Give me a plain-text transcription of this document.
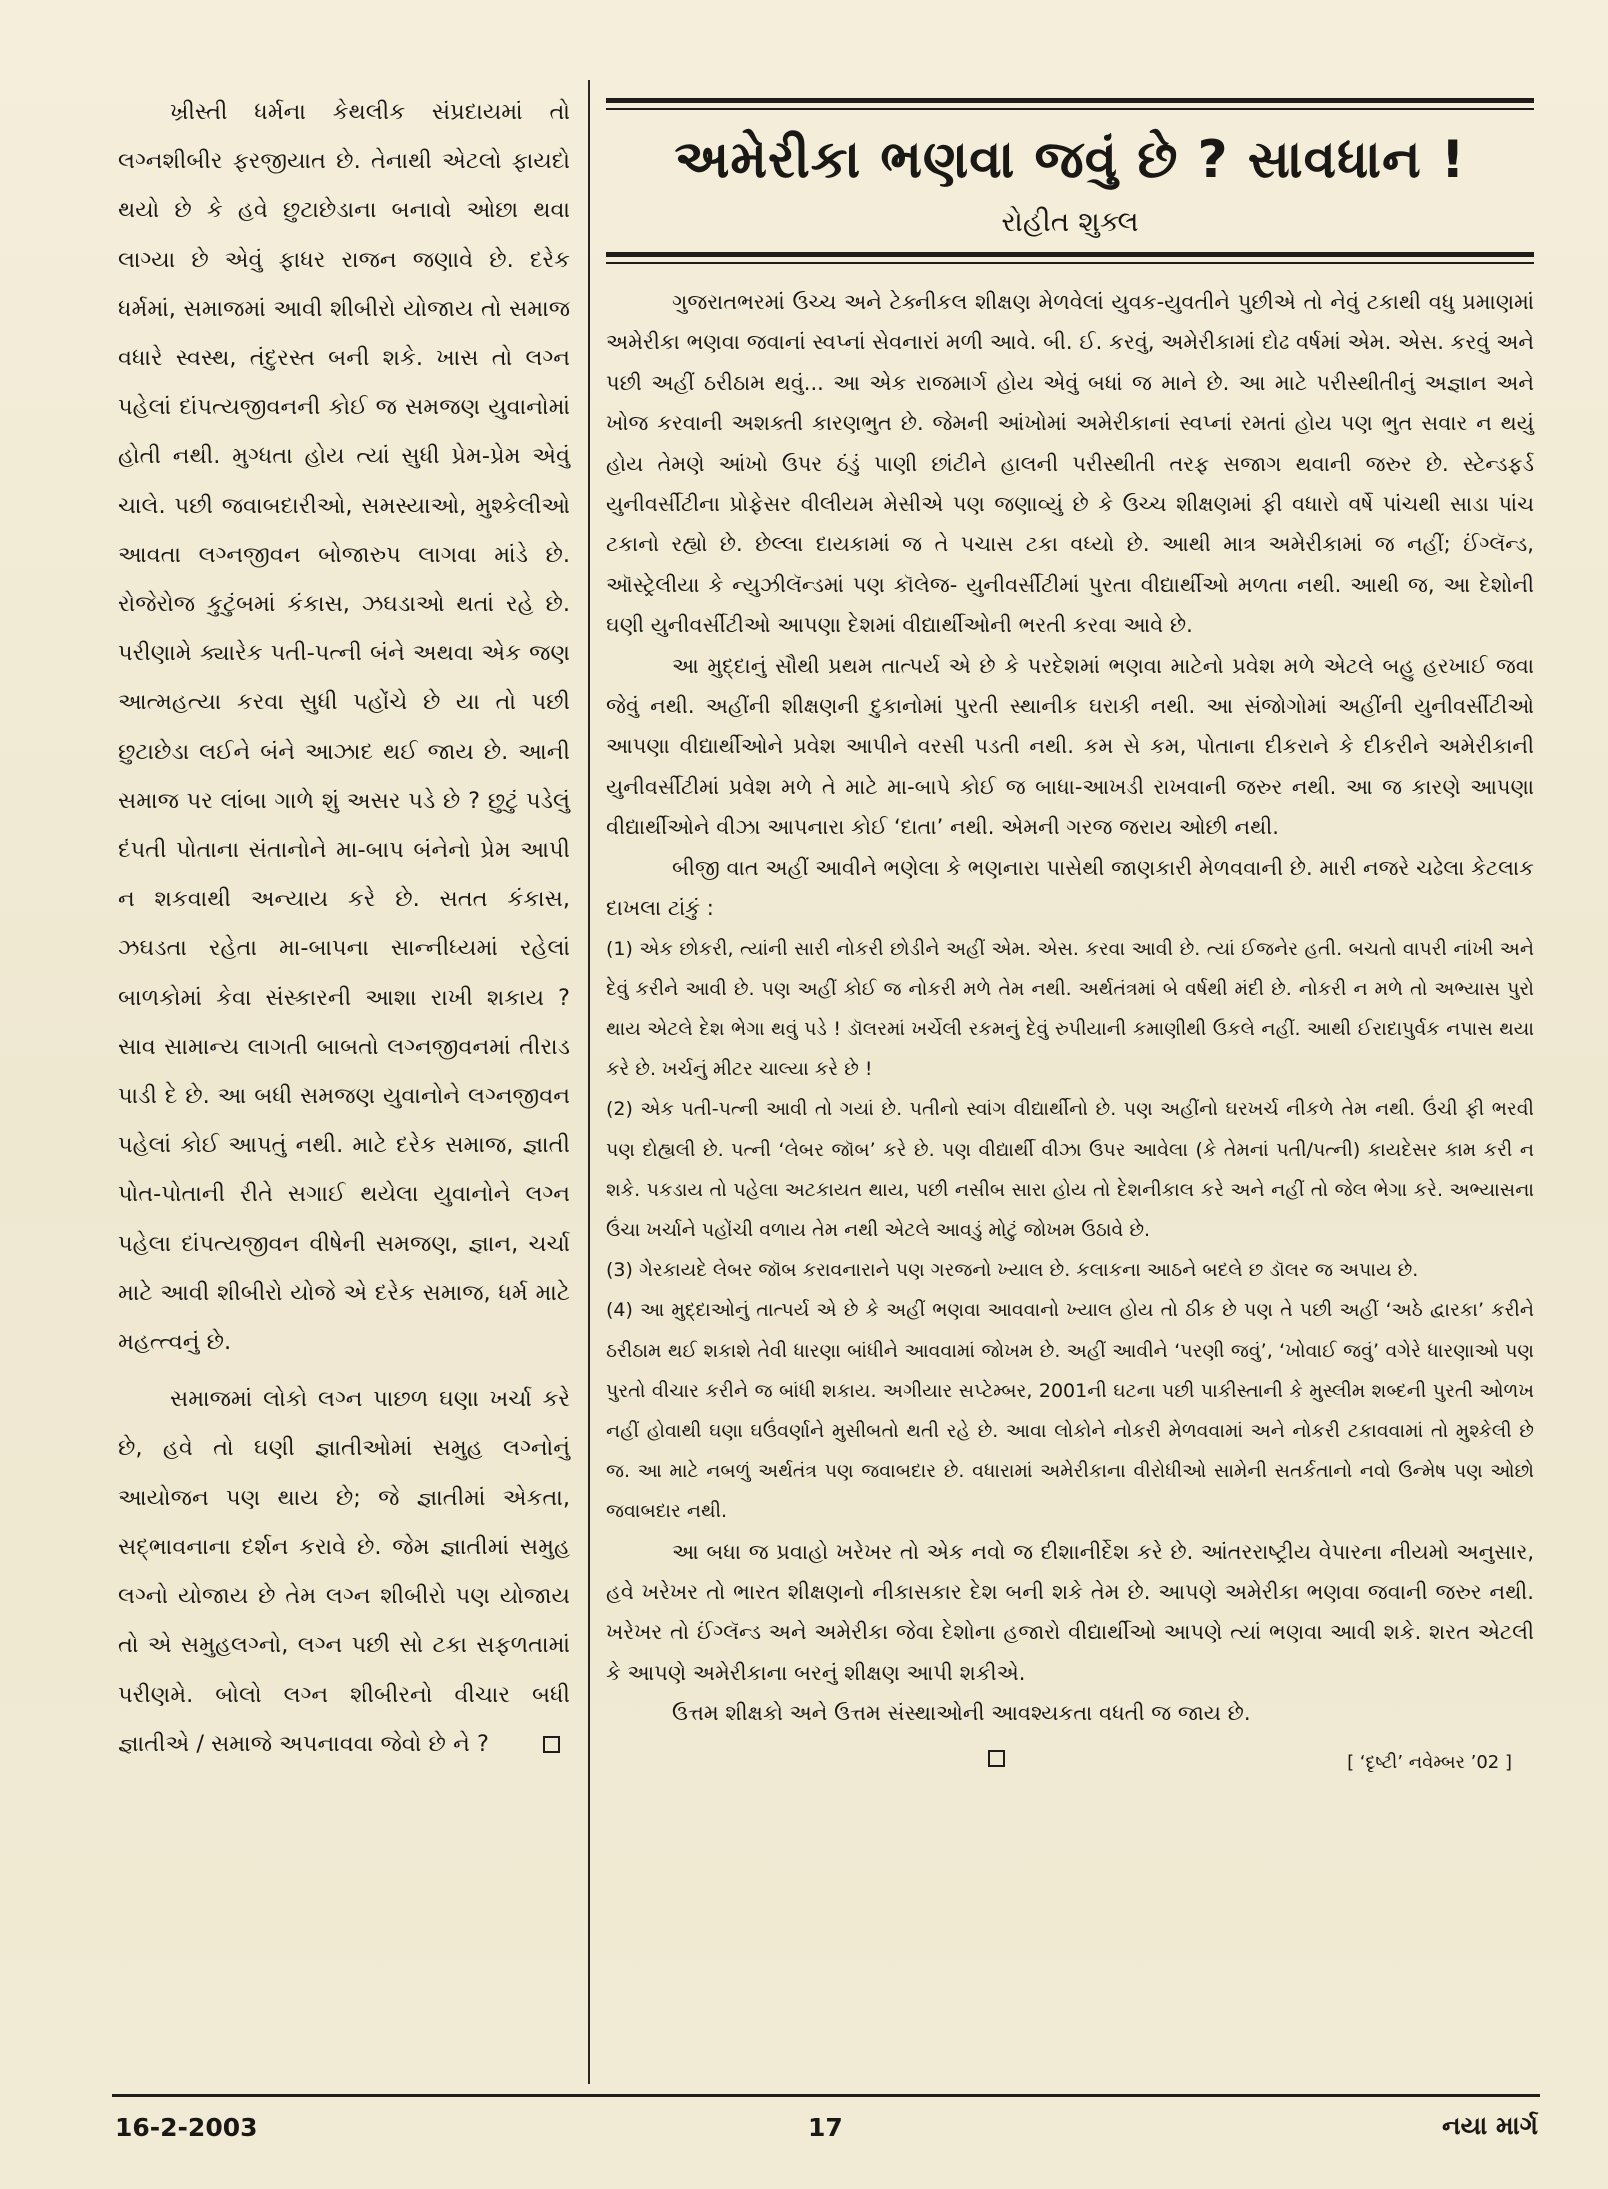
ખ્રીસ્તી ધર્મના કેથલીક સંપ્રદાયમાં તો લગ્નશીબીર ફરજીયાત છે. તેનાથી એટલો ફાયદો થયો છે કે હવે છુટાછેડાના બનાવો ઓછા થવા લાગ્યા છે એવું ફાધર રાજન જણાવે છે. દરેક ધર્મમાં, સમાજમાં આવી શીબીરો યોજાય તો સમાજ વધારે સ્વસ્થ, તંદુરસ્ત બની શકે. ખાસ તો લગ્ન પહેલાં દાંપત્યજીવનની કોઈ જ સમજણ યુવાનોમાં હોતી નથી. મુગ્ધતા હોય ત્યાં સુધી પ્રેમ-પ્રેમ એવું ચાલે. પછી જવાબદારીઓ, સમસ્યાઓ, મુશ્કેલીઓ આવતા લગ્નજીવન બોજારુપ લાગવા માંડે છે. રોજેરોજ કુટુંબમાં કંકાસ, ઝઘડાઓ થતાં રહે છે. પરીણામે ક્યારેક પતી-પત્ની બંને અથવા એક જણ આત્મહત્યા કરવા સુધી પહોંચે છે યા તો પછી છુટાછેડા લઈને બંને આઝાદ થઈ જાય છે. આની સમાજ પર લાંબા ગાળે શું અસર પડે છે ? છુટું પડેલું દંપતી પોતાના સંતાનોને મા-બાપ બંનેનો પ્રેમ આપી ન શકવાથી અન્યાય કરે છે. સતત કંકાસ, ઝઘડતા રહેતા મા-બાપના સાન્નીધ્યમાં રહેલાં બાળકોમાં કેવા સંસ્કારની આશા રાખી શકાય ? સાવ સામાન્ય લાગતી બાબતો લગ્નજીવનમાં તીરાડ પાડી દે છે. આ બધી સમજણ યુવાનોને લગ્નજીવન પહેલાં કોઈ આપતું નથી. માટે દરેક સમાજ, જ્ઞાતી પોત-પોતાની રીતે સગાઈ થયેલા યુવાનોને લગ્ન પહેલા દાંપત્યજીવન વીષેની સમજણ, જ્ઞાન, ચર્ચા માટે આવી શીબીરો યોજે એ દરેક સમાજ, ધર્મ માટે મહત્ત્વનું છે.

સમાજમાં લોકો લગ્ન પાછળ ઘણા ખર્ચા કરે છે, હવે તો ઘણી જ્ઞાતીઓમાં સમુહ લગ્નોનું આયોજન પણ થાય છે; જે જ્ઞાતીમાં એકતા, સદ્‌ભાવનાના દર્શન કરાવે છે. જેમ જ્ઞાતીમાં સમુહ લગ્નો યોજાય છે તેમ લગ્ન શીબીરો પણ યોજાય તો એ સમુહલગ્નો, લગ્ન પછી સો ટકા સફળતામાં પરીણમે. બોલો લગ્ન શીબીરનો વીચાર બધી જ્ઞાતીએ / સમાજે અપનાવવા જેવો છે ને ?

અમેરીકા ભણવા જવું છે ? સાવધાન !
રોહીત શુક્લ

ગુજરાતભરમાં ઉચ્ચ અને ટેક્નીકલ શીક્ષણ મેળવેલાં યુવક-યુવતીને પુછીએ તો નેવું ટકાથી વધુ પ્રમાણમાં અમેરીકા ભણવા જવાનાં સ્વપ્નાં સેવનારાં મળી આવે. બી. ઈ. કરવું, અમેરીકામાં દોઢ વર્ષમાં એમ. એસ. કરવું અને પછી અહીં ઠરીઠામ થવું... આ એક રાજમાર્ગ હોય એવું બધાં જ માને છે. આ માટે પરીસ્થીતીનું અજ્ઞાન અને ખોજ કરવાની અશક્તી કારણભુત છે. જેમની આંખોમાં અમેરીકાનાં સ્વપ્નાં રમતાં હોય પણ ભુત સવાર ન થયું હોય તેમણે આંખો ઉપર ઠંડું પાણી છાંટીને હાલની પરીસ્થીતી તરફ સજાગ થવાની જરુર છે. સ્ટેન્ડફર્ડ યુનીવર્સીટીના પ્રોફેસર વીલીયમ મેસીએ પણ જણાવ્યું છે કે ઉચ્ચ શીક્ષણમાં ફી વધારો વર્ષે પાંચથી સાડા પાંચ ટકાનો રહ્યો છે. છેલ્લા દાયકામાં જ તે પચાસ ટકા વધ્યો છે. આથી માત્ર અમેરીકામાં જ નહીં; ઈંગ્લૅન્ડ, ઑસ્ટ્રેલીયા કે ન્યુઝીલૅન્ડમાં પણ કૉલેજ- યુનીવર્સીટીમાં પુરતા વીદ્યાર્થીઓ મળતા નથી. આથી જ, આ દેશોની ઘણી યુનીવર્સીટીઓ આપણા દેશમાં વીદ્યાર્થીઓની ભરતી કરવા આવે છે.

આ મુદ્દાનું સૌથી પ્રથમ તાત્પર્ય એ છે કે પરદેશમાં ભણવા માટેનો પ્રવેશ મળે એટલે બહુ હરખાઈ જવા જેવું નથી. અહીંની શીક્ષણની દુકાનોમાં પુરતી સ્થાનીક ઘરાકી નથી. આ સંજોગોમાં અહીંની યુનીવર્સીટીઓ આપણા વીદ્યાર્થીઓને પ્રવેશ આપીને વરસી પડતી નથી. કમ સે કમ, પોતાના દીકરાને કે દીકરીને અમેરીકાની યુનીવર્સીટીમાં પ્રવેશ મળે તે માટે મા-બાપે કોઈ જ બાધા-આખડી રાખવાની જરુર નથી. આ જ કારણે આપણા વીદ્યાર્થીઓને વીઝા આપનારા કોઈ ‘દાતા’ નથી. એમની ગરજ જરાય ઓછી નથી.

બીજી વાત અહીં આવીને ભણેલા કે ભણનારા પાસેથી જાણકારી મેળવવાની છે. મારી નજરે ચઢેલા કેટલાક દાખલા ટાંકું :

(1) એક છોકરી, ત્યાંની સારી નોકરી છોડીને અહીં એમ. એસ. કરવા આવી છે. ત્યાં ઈજનેર હતી. બચતો વાપરી નાંખી અને દેવું કરીને આવી છે. પણ અહીં કોઈ જ નોકરી મળે તેમ નથી. અર્થતંત્રમાં બે વર્ષથી મંદી છે. નોકરી ન મળે તો અભ્યાસ પુરો થાય એટલે દેશ ભેગા થવું પડે ! ડૉલરમાં ખર્ચેલી રકમનું દેવું રુપીયાની કમાણીથી ઉકલે નહીં. આથી ઈરાદાપુર્વક નપાસ થયા કરે છે. ખર્ચનું મીટર ચાલ્યા કરે છે !

(2) એક પતી-પત્ની આવી તો ગયાં છે. પતીનો સ્વાંગ વીદ્યાર્થીનો છે. પણ અહીંનો ઘરખર્ચ નીકળે તેમ નથી. ઉંચી ફી ભરવી પણ દોહ્યલી છે. પત્ની ‘લેબર જૉબ’ કરે છે. પણ વીદ્યાર્થી વીઝા ઉપર આવેલા (કે તેમનાં પતી/પત્ની) કાયદેસર કામ કરી ન શકે. પકડાય તો પહેલા અટકાયત થાય, પછી નસીબ સારા હોય તો દેશનીકાલ કરે અને નહીં તો જેલ ભેગા કરે. અભ્યાસના ઉંચા ખર્ચાને પહોંચી વળાય તેમ નથી એટલે આવડું મોટું જોખમ ઉઠાવે છે.

(3) ગેરકાયદે લેબર જૉબ કરાવનારાને પણ ગરજનો ખ્યાલ છે. કલાકના આઠને બદલે છ ડૉલર જ અપાય છે.

(4) આ મુદ્દાઓનું તાત્પર્ય એ છે કે અહીં ભણવા આવવાનો ખ્યાલ હોય તો ઠીક છે પણ તે પછી અહીં ‘અઠે દ્વારકા’ કરીને ઠરીઠામ થઈ શકાશે તેવી ધારણા બાંધીને આવવામાં જોખમ છે. અહીં આવીને ‘પરણી જવું’, ‘ખોવાઈ જવું’ વગેરે ધારણાઓ પણ પુરતો વીચાર કરીને જ બાંધી શકાય. અગીયાર સપ્ટેમ્બર, 2001ની ઘટના પછી પાકીસ્તાની કે મુસ્લીમ શબ્દની પુરતી ઓળખ નહીં હોવાથી ઘણા ઘઉંવર્ણાને મુસીબતો થતી રહે છે. આવા લોકોને નોકરી મેળવવામાં અને નોકરી ટકાવવામાં તો મુશ્કેલી છે જ. આ માટે નબળું અર્થતંત્ર પણ જવાબદાર છે. વધારામાં અમેરીકાના વીરોધીઓ સામેની સતર્કતાનો નવો ઉન્મેષ પણ ઓછો જવાબદાર નથી.

આ બધા જ પ્રવાહો ખરેખર તો એક નવો જ દીશાનીર્દેશ કરે છે. આંતરરાષ્ટ્રીય વેપારના નીયમો અનુસાર, હવે ખરેખર તો ભારત શીક્ષણનો નીકાસકાર દેશ બની શકે તેમ છે. આપણે અમેરીકા ભણવા જવાની જરુર નથી. ખરેખર તો ઈંગ્લૅન્ડ અને અમેરીકા જેવા દેશોના હજારો વીદ્યાર્થીઓ આપણે ત્યાં ભણવા આવી શકે. શરત એટલી કે આપણે અમેરીકાના બરનું શીક્ષણ આપી શકીએ.

ઉત્તમ શીક્ષકો અને ઉત્તમ સંસ્થાઓની આવશ્યકતા વધતી જ જાય છે.

[ ‘દૃષ્ટી’ નવેમ્બર ’02 ]
16-2-2003	17	નયા માર્ગ
